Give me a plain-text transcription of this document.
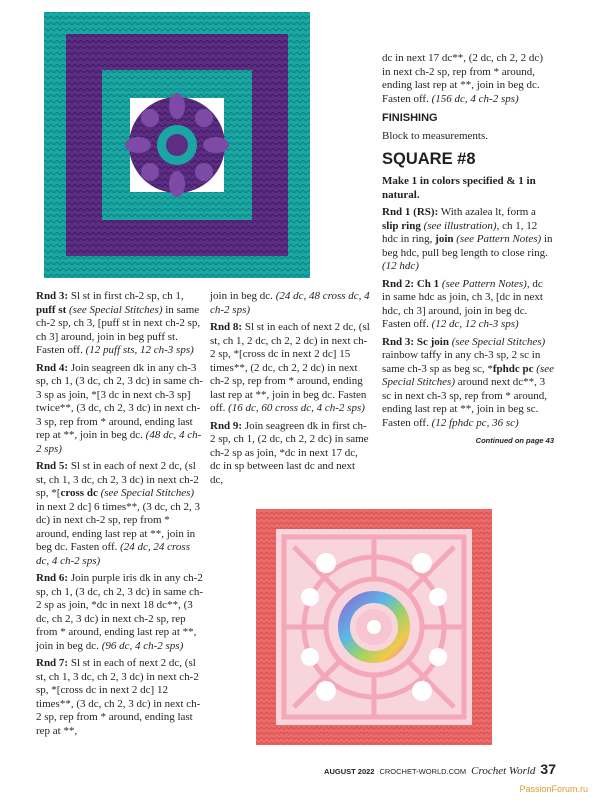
Rnd 3: Sl st in first ch-2 sp, ch 1, puff st (see Special Stitches) in same ch-2 sp, ch 3, [puff st in next ch-2 sp, ch 3] around, join in beg puff st. Fasten off. (12 puff sts, 12 ch-3 sps)

Rnd 4: Join seagreen dk in any ch-3 sp, ch 1, (3 dc, ch 2, 3 dc) in same ch-3 sp as join, *[3 dc in next ch-3 sp] twice**, (3 dc, ch 2, 3 dc) in next ch-3 sp, rep from * around, ending last rep at **, join in beg dc. (48 dc, 4 ch-2 sps)

Rnd 5: Sl st in each of next 2 dc, (sl st, ch 1, 3 dc, ch 2, 3 dc) in next ch-2 sp, *[cross dc (see Special Stitches) in next 2 dc] 6 times**, (3 dc, ch 2, 3 dc) in next ch-2 sp, rep from * around, ending last rep at **, join in beg dc. Fasten off. (24 dc, 24 cross dc, 4 ch-2 sps)

Rnd 6: Join purple iris dk in any ch-2 sp, ch 1, (3 dc, ch 2, 3 dc) in same ch-2 sp as join, *dc in next 18 dc**, (3 dc, ch 2, 3 dc) in next ch-2 sp, rep from * around, ending last rep at **, join in beg dc. (96 dc, 4 ch-2 sps)

Rnd 7: Sl st in each of next 2 dc, (sl st, ch 1, 3 dc, ch 2, 3 dc) in next ch-2 sp, *[cross dc in next 2 dc] 12 times**, (3 dc, ch 2, 3 dc) in next ch-2 sp, rep from * around, ending last rep at **,

join in beg dc. (24 dc, 48 cross dc, 4 ch-2 sps)

Rnd 8: Sl st in each of next 2 dc, (sl st, ch 1, 2 dc, ch 2, 2 dc) in next ch-2 sp, *[cross dc in next 2 dc] 15 times**, (2 dc, ch 2, 2 dc) in next ch-2 sp, rep from * around, ending last rep at **, join in beg dc. Fasten off. (16 dc, 60 cross dc, 4 ch-2 sps)

Rnd 9: Join seagreen dk in first ch-2 sp, ch 1, (2 dc, ch 2, 2 dc) in same ch-2 sp as join, *dc in next 17 dc, dc in sp between last dc and next dc,

dc in next 17 dc**, (2 dc, ch 2, 2 dc) in next ch-2 sp, rep from * around, ending last rep at **, join in beg dc. Fasten off. (156 dc, 4 ch-2 sps)

FINISHING

Block to measurements.

SQUARE #8

Make 1 in colors specified & 1 in natural.

Rnd 1 (RS): With azalea lt, form a slip ring (see illustration), ch 1, 12 hdc in ring, join (see Pattern Notes) in beg hdc, pull beg length to close ring. (12 hdc)

Rnd 2: Ch 1 (see Pattern Notes), dc in same hdc as join, ch 3, [dc in next hdc, ch 3] around, join in beg dc. Fasten off. (12 dc, 12 ch-3 sps)

Rnd 3: Sc join (see Special Stitches) rainbow taffy in any ch-3 sp, 2 sc in same ch-3 sp as beg sc, *fphdc pc (see Special Stitches) around next dc**, 3 sc in next ch-3 sp, rep from * around, ending last rep at **, join in beg sc. Fasten off. (12 fphdc pc, 36 sc)

Continued on page 43
AUGUST 2022 CROCHET-WORLD.COM Crochet World 37
PassionForum.ru
